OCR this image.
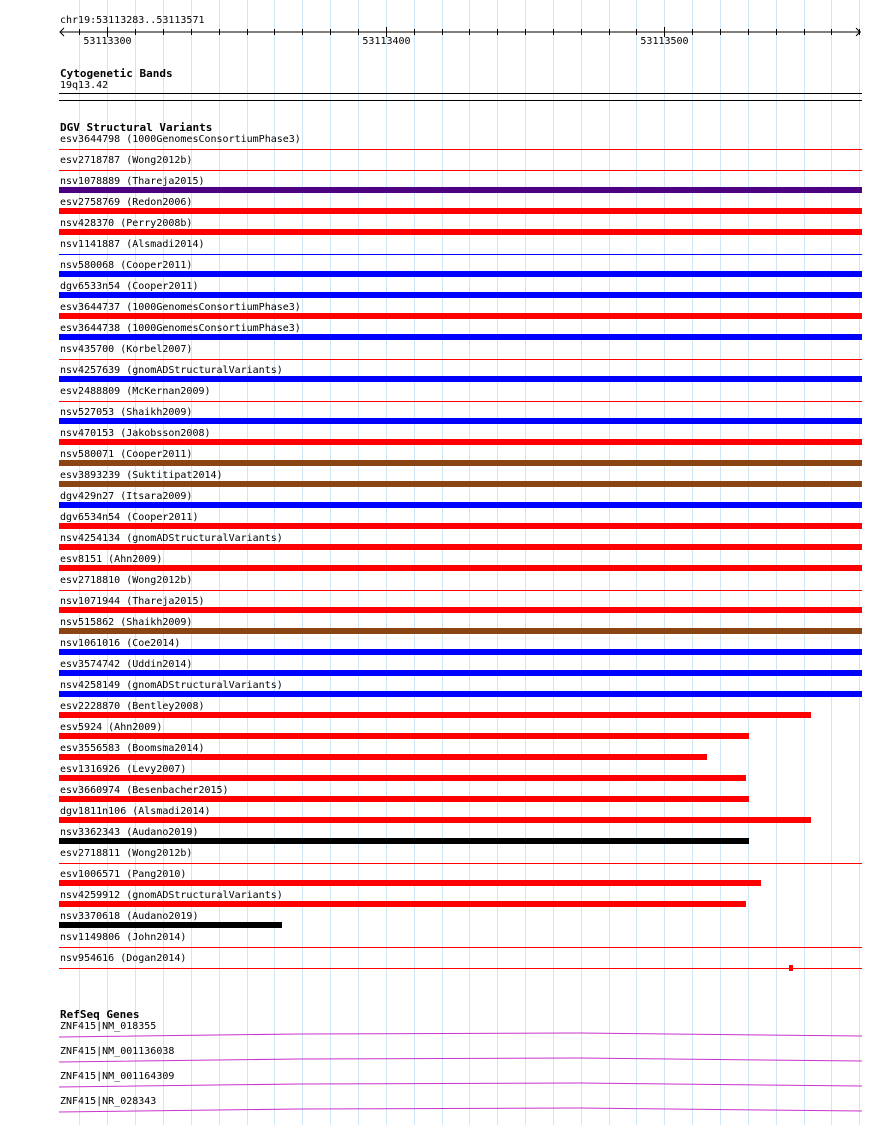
chr19:53113283..53113571
53113300	53113400	53113500
Cytogenetic Bands
19q13.42
DGV Structural Variants
esv3644798 (1000GenomesConsortiumPhase3)
esv2718787 (Wong2012b)
nsv1078889 (Thareja2015)
esv2758769 (Redon2006)
nsv428370 (Perry2008b)
nsv1141887 (Alsmadi2014)
nsv580068 (Cooper2011)
dgv6533n54 (Cooper2011)
esv3644737 (1000GenomesConsortiumPhase3)
esv3644738 (1000GenomesConsortiumPhase3)
nsv435700 (Korbel2007)
nsv4257639 (gnomADStructuralVariants)
esv2488809 (McKernan2009)
nsv527053 (Shaikh2009)
nsv470153 (Jakobsson2008)
nsv580071 (Cooper2011)
esv3893239 (Suktitipat2014)
dgv429n27 (Itsara2009)
dgv6534n54 (Cooper2011)
nsv4254134 (gnomADStructuralVariants)
esv8151 (Ahn2009)
esv2718810 (Wong2012b)
nsv1071944 (Thareja2015)
nsv515862 (Shaikh2009)
nsv1061016 (Coe2014)
esv3574742 (Uddin2014)
nsv4258149 (gnomADStructuralVariants)
esv2228870 (Bentley2008)
esv5924 (Ahn2009)
esv3556583 (Boomsma2014)
esv1316926 (Levy2007)
esv3660974 (Besenbacher2015)
dgv1811n106 (Alsmadi2014)
nsv3362343 (Audano2019)
esv2718811 (Wong2012b)
esv1006571 (Pang2010)
nsv4259912 (gnomADStructuralVariants)
nsv3370618 (Audano2019)
nsv1149806 (John2014)
nsv954616 (Dogan2014)
RefSeq Genes
ZNF415|NM_018355
ZNF415|NM_001136038
ZNF415|NM_001164309
ZNF415|NR_028343
